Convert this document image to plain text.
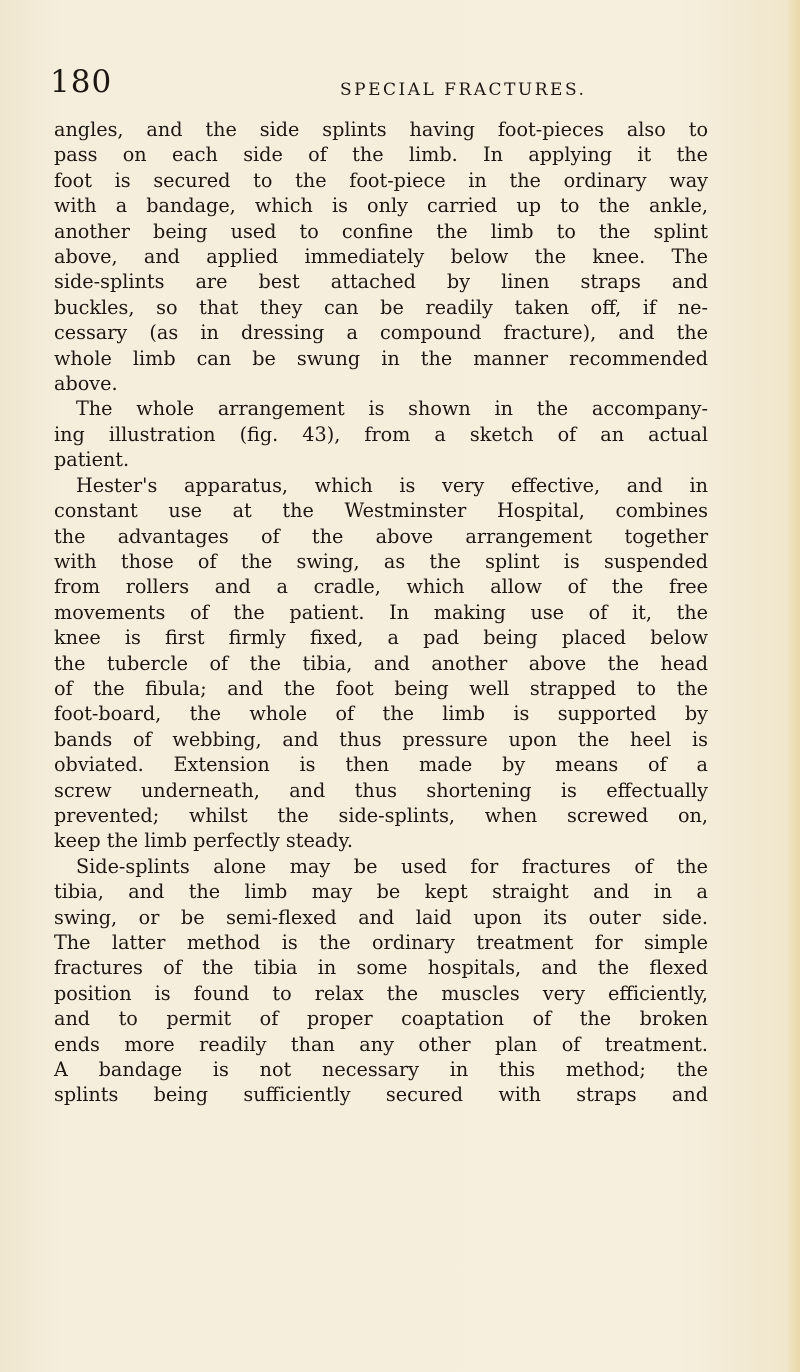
180	SPECIAL FRACTURES.
angles, and the side splints having foot-pieces also to
pass on each side of the limb. In applying it the
foot is secured to the foot-piece in the ordinary way
with a bandage, which is only carried up to the ankle,
another being used to confine the limb to the splint
above, and applied immediately below the knee. The
side-splints are best attached by linen straps and
buckles, so that they can be readily taken off, if ne-
cessary (as in dressing a compound fracture), and the
whole limb can be swung in the manner recommended
above.
The whole arrangement is shown in the accompany-
ing illustration (fig. 43), from a sketch of an actual
patient.
Hester's apparatus, which is very effective, and in
constant use at the Westminster Hospital, combines
the advantages of the above arrangement together
with those of the swing, as the splint is suspended
from rollers and a cradle, which allow of the free
movements of the patient. In making use of it, the
knee is first firmly fixed, a pad being placed below
the tubercle of the tibia, and another above the head
of the fibula; and the foot being well strapped to the
foot-board, the whole of the limb is supported by
bands of webbing, and thus pressure upon the heel is
obviated. Extension is then made by means of a
screw underneath, and thus shortening is effectually
prevented; whilst the side-splints, when screwed on,
keep the limb perfectly steady.
Side-splints alone may be used for fractures of the
tibia, and the limb may be kept straight and in a
swing, or be semi-flexed and laid upon its outer side.
The latter method is the ordinary treatment for simple
fractures of the tibia in some hospitals, and the flexed
position is found to relax the muscles very efficiently,
and to permit of proper coaptation of the broken
ends more readily than any other plan of treatment.
A bandage is not necessary in this method; the
splints being sufficiently secured with straps and
